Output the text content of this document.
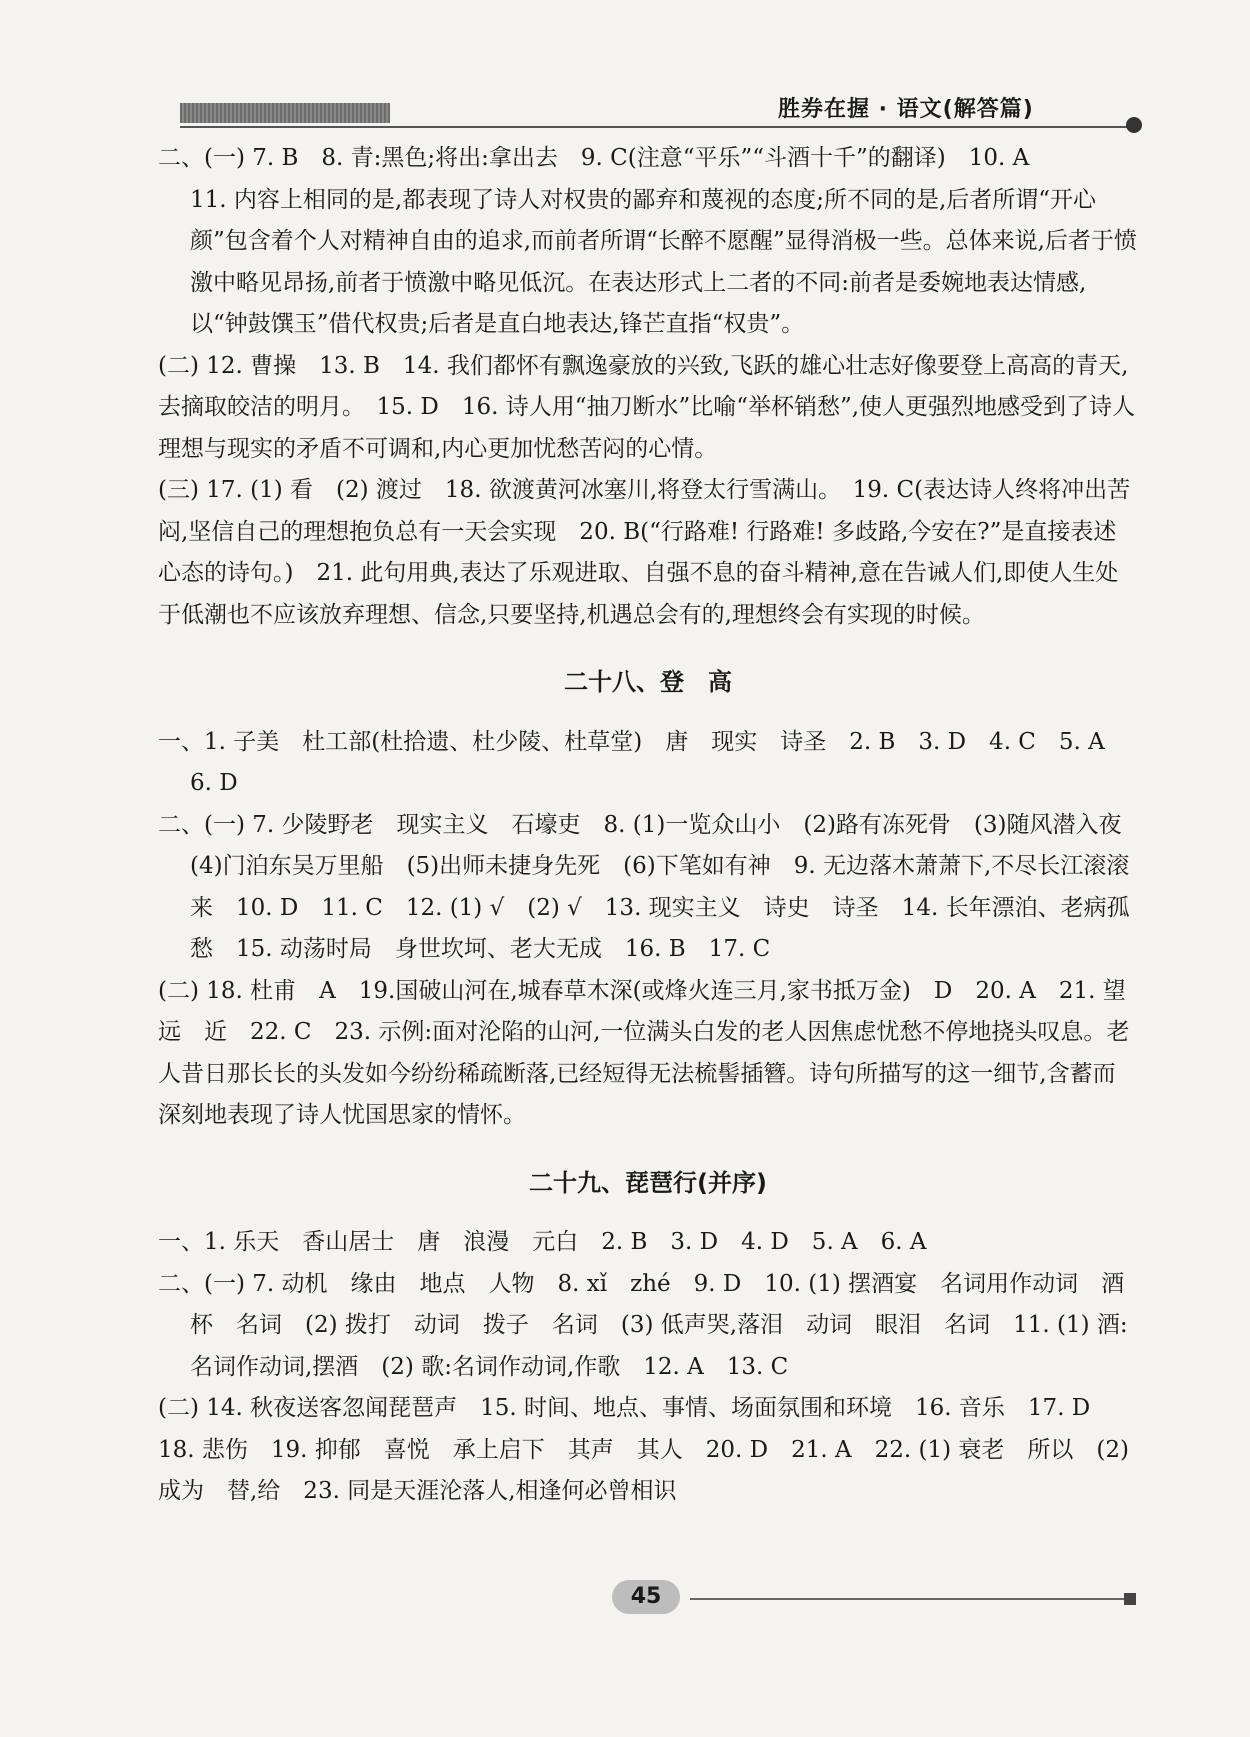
胜券在握 · 语文(解答篇)

二、(一) 7. B　8. 青:黑色;将出:拿出去　9. C(注意“平乐”“斗酒十千”的翻译)　10. A

11. 内容上相同的是,都表现了诗人对权贵的鄙弃和蔑视的态度;所不同的是,后者所谓“开心颜”包含着个人对精神自由的追求,而前者所谓“长醉不愿醒”显得消极一些。总体来说,后者于愤激中略见昂扬,前者于愤激中略见低沉。在表达形式上二者的不同:前者是委婉地表达情感,以“钟鼓馔玉”借代权贵;后者是直白地表达,锋芒直指“权贵”。

(二) 12. 曹操　13. B　14. 我们都怀有飘逸豪放的兴致,飞跃的雄心壮志好像要登上高高的青天,去摘取皎洁的明月。　15. D　16. 诗人用“抽刀断水”比喻“举杯销愁”,使人更强烈地感受到了诗人理想与现实的矛盾不可调和,内心更加忧愁苦闷的心情。

(三) 17. (1) 看　(2) 渡过　18. 欲渡黄河冰塞川,将登太行雪满山。　19. C(表达诗人终将冲出苦闷,坚信自己的理想抱负总有一天会实现　20. B(“行路难! 行路难! 多歧路,今安在?”是直接表述心态的诗句。)　21. 此句用典,表达了乐观进取、自强不息的奋斗精神,意在告诫人们,即使人生处于低潮也不应该放弃理想、信念,只要坚持,机遇总会有的,理想终会有实现的时候。

二十八、登　高

一、1. 子美　杜工部(杜拾遗、杜少陵、杜草堂)　唐　现实　诗圣　2. B　3. D　4. C　5. A　6. D

二、(一) 7. 少陵野老　现实主义　石壕吏　8. (1)一览众山小　(2)路有冻死骨　(3)随风潜入夜　(4)门泊东吴万里船　(5)出师未捷身先死　(6)下笔如有神　9. 无边落木萧萧下,不尽长江滚滚来　10. D　11. C　12. (1) √　(2) √　13. 现实主义　诗史　诗圣　14. 长年漂泊、老病孤愁　15. 动荡时局　身世坎坷、老大无成　16. B　17. C

(二) 18. 杜甫　A　19.国破山河在,城春草木深(或烽火连三月,家书抵万金)　D　20. A　21. 望　远　近　22. C　23. 示例:面对沦陷的山河,一位满头白发的老人因焦虑忧愁不停地挠头叹息。老人昔日那长长的头发如今纷纷稀疏断落,已经短得无法梳髻插簪。诗句所描写的这一细节,含蓄而深刻地表现了诗人忧国思家的情怀。

二十九、琵琶行(并序)

一、1. 乐天　香山居士　唐　浪漫　元白　2. B　3. D　4. D　5. A　6. A

二、(一) 7. 动机　缘由　地点　人物　8. xǐ　zhé　9. D　10. (1) 摆酒宴　名词用作动词　酒杯　名词　(2) 拨打　动词　拨子　名词　(3) 低声哭,落泪　动词　眼泪　名词　11. (1) 酒:名词作动词,摆酒　(2) 歌:名词作动词,作歌　12. A　13. C

(二) 14. 秋夜送客忽闻琵琶声　15. 时间、地点、事情、场面氛围和环境　16. 音乐　17. D　18. 悲伤　19. 抑郁　喜悦　承上启下　其声　其人　20. D　21. A　22. (1) 衰老　所以　(2) 成为　替,给　23. 同是天涯沦落人,相逢何必曾相识

45
